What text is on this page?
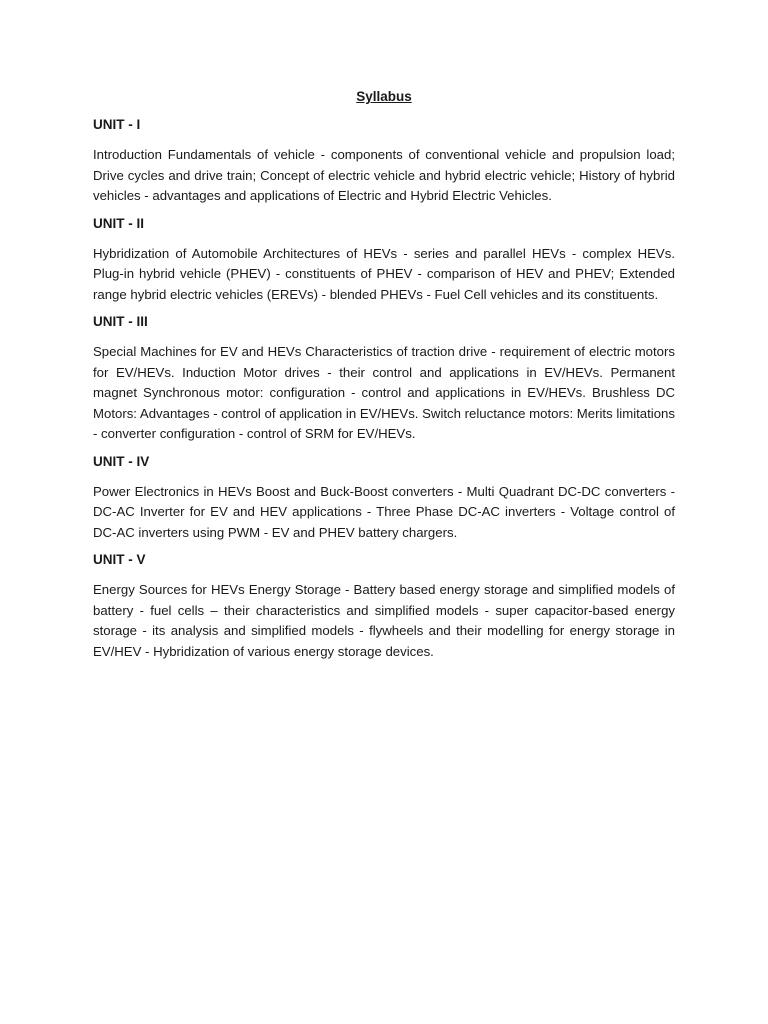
Syllabus
UNIT - I

Introduction Fundamentals of vehicle - components of conventional vehicle and propulsion load; Drive cycles and drive train; Concept of electric vehicle and hybrid electric vehicle; History of hybrid vehicles - advantages and applications of Electric and Hybrid Electric Vehicles.

UNIT - II

Hybridization of Automobile Architectures of HEVs - series and parallel HEVs - complex HEVs. Plug-in hybrid vehicle (PHEV) - constituents of PHEV - comparison of HEV and PHEV; Extended range hybrid electric vehicles (EREVs) - blended PHEVs - Fuel Cell vehicles and its constituents.

UNIT - III

Special Machines for EV and HEVs Characteristics of traction drive - requirement of electric motors for EV/HEVs. Induction Motor drives - their control and applications in EV/HEVs. Permanent magnet Synchronous motor: configuration - control and applications in EV/HEVs. Brushless DC Motors: Advantages - control of application in EV/HEVs. Switch reluctance motors: Merits limitations - converter configuration - control of SRM for EV/HEVs.

UNIT - IV

Power Electronics in HEVs Boost and Buck-Boost converters - Multi Quadrant DC-DC converters - DC-AC Inverter for EV and HEV applications - Three Phase DC-AC inverters - Voltage control of DC-AC inverters using PWM - EV and PHEV battery chargers.

UNIT - V

Energy Sources for HEVs Energy Storage - Battery based energy storage and simplified models of battery - fuel cells – their characteristics and simplified models - super capacitor-based energy storage - its analysis and simplified models - flywheels and their modelling for energy storage in EV/HEV - Hybridization of various energy storage devices.
